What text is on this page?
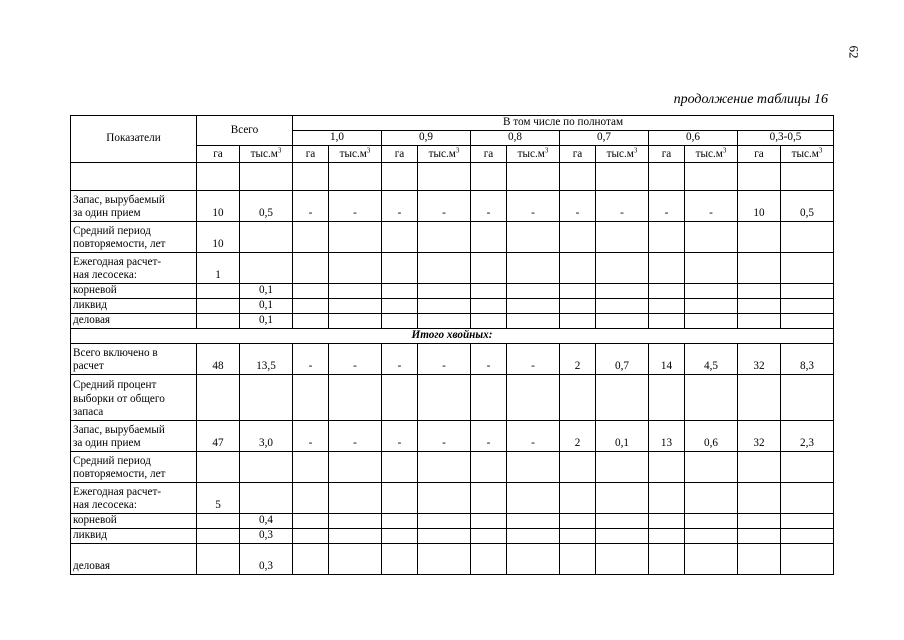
62
продолжение таблицы 16
Показатели	Всего		В том числе по полнотам											
			1,0		0,9		0,8		0,7		0,6		0,3-0,5	
	га	$тыс.м^3$	га	$тыс.м^3$	га	$тыс.м^3$	га	$тыс.м^3$	га	$тыс.м^3$	га	$тыс.м^3$	га	$тыс.м^3$

Запас, вырубаемый
за один прием	10	0,5	-	-	-	-	-	-	-	-	-	-	10	0,5

Средний период
повторяемости, лет	10													

Ежегодная расчет-
ная лесосека:	1													

корневой		0,1												

ликвид		0,1												

деловая		0,1												
Итого хвойных:														

Всего включено в
расчет	48	13,5	-	-	-	-	-	-	2	0,7	14	4,5	32	8,3

Средний процент
выборки от общего
запаса														

Запас, вырубаемый
за один прием	47	3,0	-	-	-	-	-	-	2	0,1	13	0,6	32	2,3

Средний период
повторяемости, лет														

Ежегодная расчет-
ная лесосека:	5													

корневой		0,4												

ликвид		0,3												

деловая		0,3												
